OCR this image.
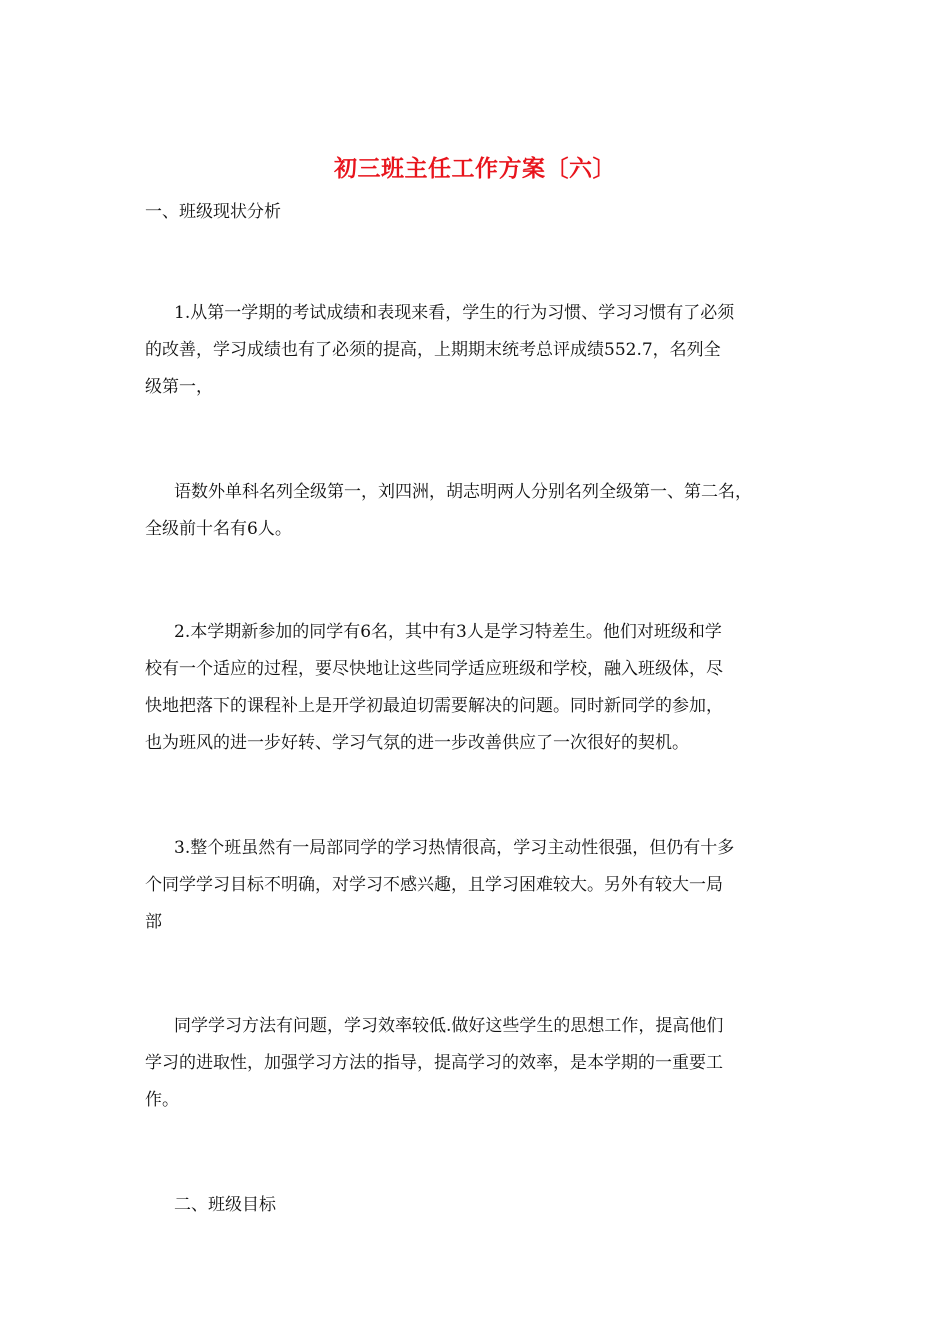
初三班主任工作方案〔六〕
一、班级现状分析
1.从第一学期的考试成绩和表现来看，学生的行为习惯、学习习惯有了必须
的改善，学习成绩也有了必须的提高，上期期末统考总评成绩552.7，名列全
级第一，
语数外单科名列全级第一，刘四洲，胡志明两人分别名列全级第一、第二名，
全级前十名有6人。
2.本学期新参加的同学有6名，其中有3人是学习特差生。他们对班级和学
校有一个适应的过程，要尽快地让这些同学适应班级和学校，融入班级体，尽
快地把落下的课程补上是开学初最迫切需要解决的问题。同时新同学的参加，
也为班风的进一步好转、学习气氛的进一步改善供应了一次很好的契机。
3.整个班虽然有一局部同学的学习热情很高，学习主动性很强，但仍有十多
个同学学习目标不明确，对学习不感兴趣，且学习困难较大。另外有较大一局
部
同学学习方法有问题，学习效率较低.做好这些学生的思想工作，提高他们
学习的进取性，加强学习方法的指导，提高学习的效率，是本学期的一重要工
作。
二、班级目标
